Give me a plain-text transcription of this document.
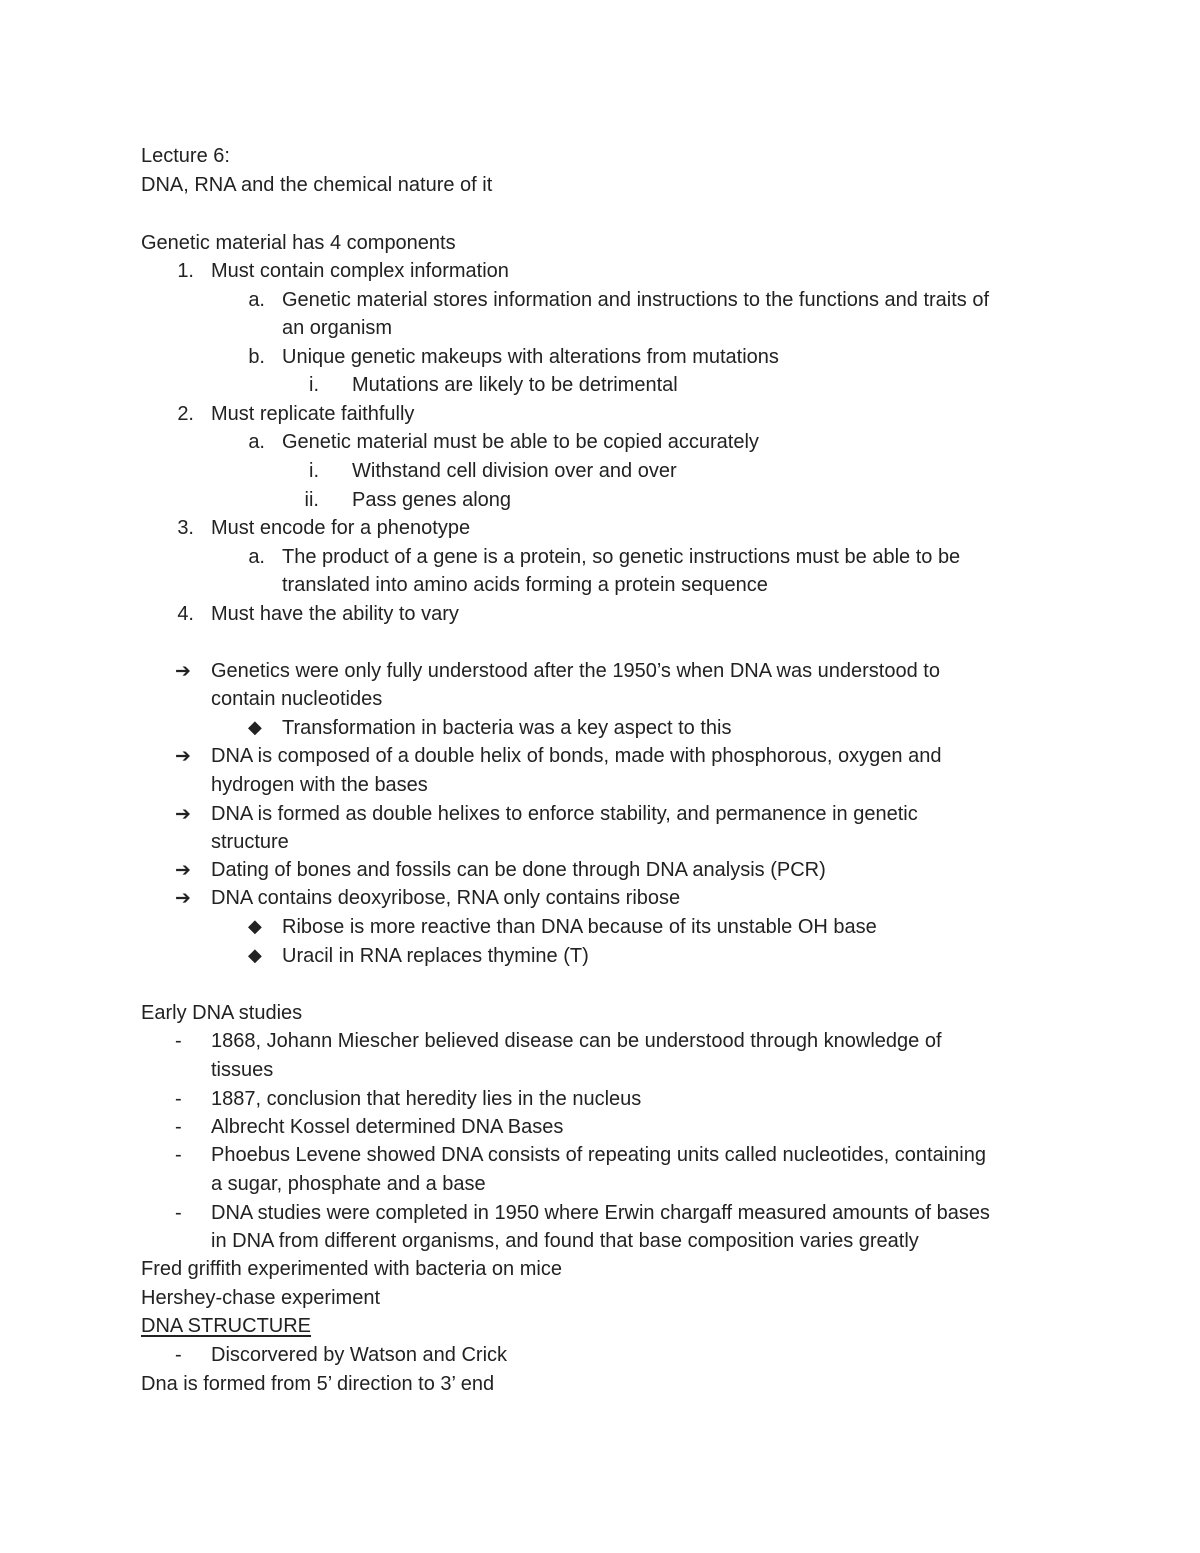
Lecture 6:
DNA, RNA and the chemical nature of it
Genetic material has 4 components
1. Must contain complex information
a. Genetic material stores information and instructions to the functions and traits of
an organism
b. Unique genetic makeups with alterations from mutations
i. Mutations are likely to be detrimental
2. Must replicate faithfully
a. Genetic material must be able to be copied accurately
i. Withstand cell division over and over
ii. Pass genes along
3. Must encode for a phenotype
a. The product of a gene is a protein, so genetic instructions must be able to be
translated into amino acids forming a protein sequence
4. Must have the ability to vary
➔ Genetics were only fully understood after the 1950’s when DNA was understood to
contain nucleotides
◆ Transformation in bacteria was a key aspect to this
➔ DNA is composed of a double helix of bonds, made with phosphorous, oxygen and
hydrogen with the bases
➔ DNA is formed as double helixes to enforce stability, and permanence in genetic
structure
➔ Dating of bones and fossils can be done through DNA analysis (PCR)
➔ DNA contains deoxyribose, RNA only contains ribose
◆ Ribose is more reactive than DNA because of its unstable OH base
◆ Uracil in RNA replaces thymine (T)
Early DNA studies
- 1868, Johann Miescher believed disease can be understood through knowledge of
tissues
- 1887, conclusion that heredity lies in the nucleus
- Albrecht Kossel determined DNA Bases
- Phoebus Levene showed DNA consists of repeating units called nucleotides, containing
a sugar, phosphate and a base
- DNA studies were completed in 1950 where Erwin chargaff measured amounts of bases
in DNA from different organisms, and found that base composition varies greatly
Fred griffith experimented with bacteria on mice
Hershey-chase experiment
DNA STRUCTURE
- Discorvered by Watson and Crick
Dna is formed from 5’ direction to 3’ end
